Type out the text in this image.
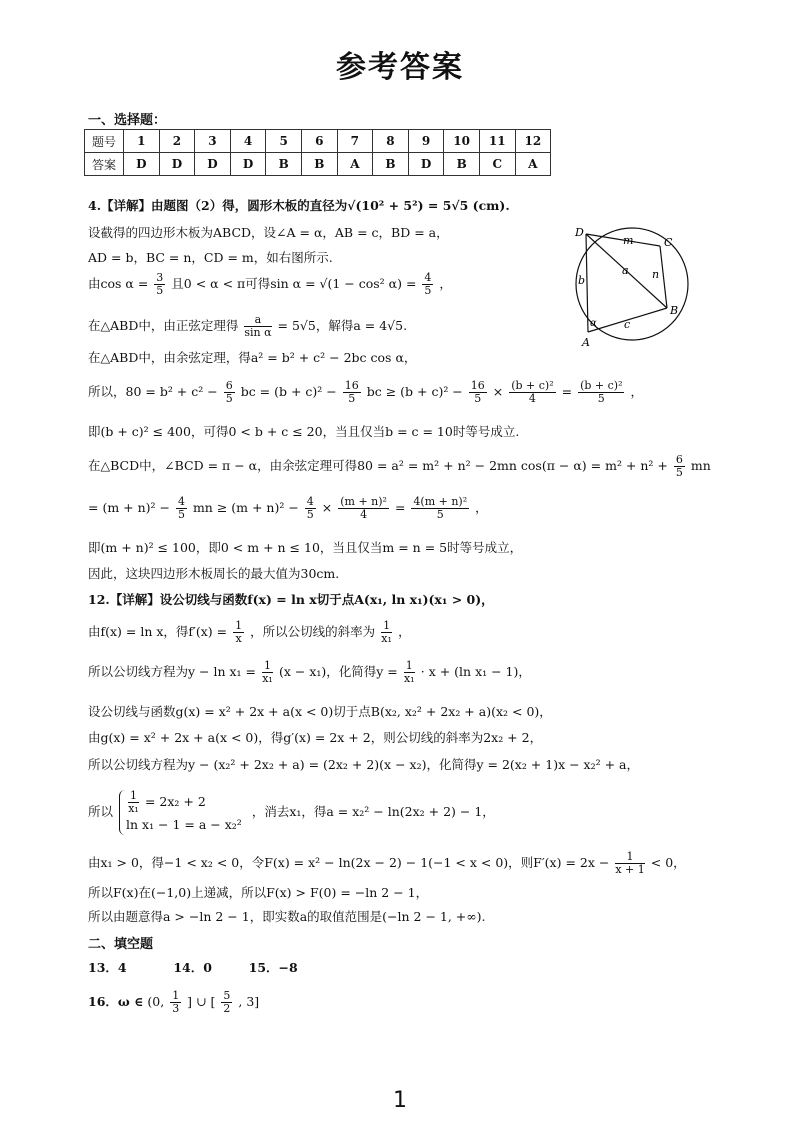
参考答案
一、选择题：
题号	1	2	3	4	5	6	7	8	9	10	11	12
答案	D	D	D	D	B	B	A	B	D	B	C	A
4.【详解】由题图（2）得，圆形木板的直径为√(10² + 5²) = 5√5 (cm).
设截得的四边形木板为ABCD，设∠A = α，AB = c，BD = a，
AD = b，BC = n，CD = m，如右图所示.
由$\cos \alpha = \frac{3}{5}$ 且0 < α < π可得sin α = √(1 − cos² $\alpha) = \frac{4}{5}$ ，
在△ABD中，由正弦定理得 $\frac{a}{\text{sin α}} = 5√5$，解得a = 4√5.
在△ABD中，由余弦定理，得a² = b² + c² − 2bc cos α，
所以，$80 = b^2 + c^2 - \frac{6}{5}$ bc = $(b + c)^2 - \frac{16}{5}$ bc ≥ $(b + c)^2 - \frac{16}{5} \times \frac{\text{(b + c)²}}{4} = \frac{\text{(b + c)²}}{5}$ ，
即(b + c)² ≤ 400，可得0 < b + c ≤ 20，当且仅当b = c = 10时等号成立.
在△BCD中，∠BCD = π − α，由余弦定理可得80 = a² = m² + n² − 2mn $\cos(\pi - \alpha) = m^2 + n^2 + \frac{6}{5}$ mn
= $(m + n)^2 - \frac{4}{5}$ mn ≥ $(m + n)^2 - \frac{4}{5} \times \frac{\text{(m + n)²}}{4} = \frac{\text{4(m + n)²}}{5}$ ，
即(m + n)² ≤ 100，即0 < m + n ≤ 10，当且仅当m = n = 5时等号成立，
因此，这块四边形木板周长的最大值为30cm.
12.【详解】设公切线与函数f(x) = ln x切于点A(x₁, ln x₁)(x₁ > 0)，
由f(x) = ln x，得$f'(x) = \frac{1}{x}$ ，所以公切线的斜率为 $\frac{1}{\text{x₁}}$ ，
所以公切线方程为$y - \ln x_1 = \frac{1}{\text{x₁}} (x - x_1)$，化简得$y = \frac{1}{\text{x₁}} \cdot x + (\ln$ x₁ − 1)，
设公切线与函数g(x) = x² + 2x + a(x < 0)切于点B(x₂, x₂² + 2x₂ + a)(x₂ < 0)，
由g(x) = x² + 2x + a(x < 0)，得g′(x) = 2x + 2，则公切线的斜率为2x₂ + 2，
所以公切线方程为y − (x₂² + 2x₂ + a) = (2x₂ + 2)(x − x₂)，化简得y = 2(x₂ + 1)x − x₂² + a，
所以 $\frac{1}{\text{x₁}} = 2x_2 + 2$
ln x₁ − 1 = a − x₂²
，消去x₁，得a = x₂² − ln(2x₂ + 2) − 1，
由x₁ > 0，得−1 < x₂ < 0，令F(x) = x² − ln(2x − 2) − 1(−1 < x < 0)，则$F'(x) = 2x - \frac{1}{x + 1} < 0$，
所以F(x)在(−1,0)上递减，所以F(x) > F(0) = −ln 2 − 1，
所以由题意得a > −ln 2 − 1，即实数a的取值范围是(−ln 2 − 1, +∞).
二、填空题
13．4	14．0	15．−8
16．ω ∈ (0, $\frac{1}{3}$ ] ∪ [ $\frac{5}{2}$ , 3]
D
m	C
a
b	n
B
α c
A
1
